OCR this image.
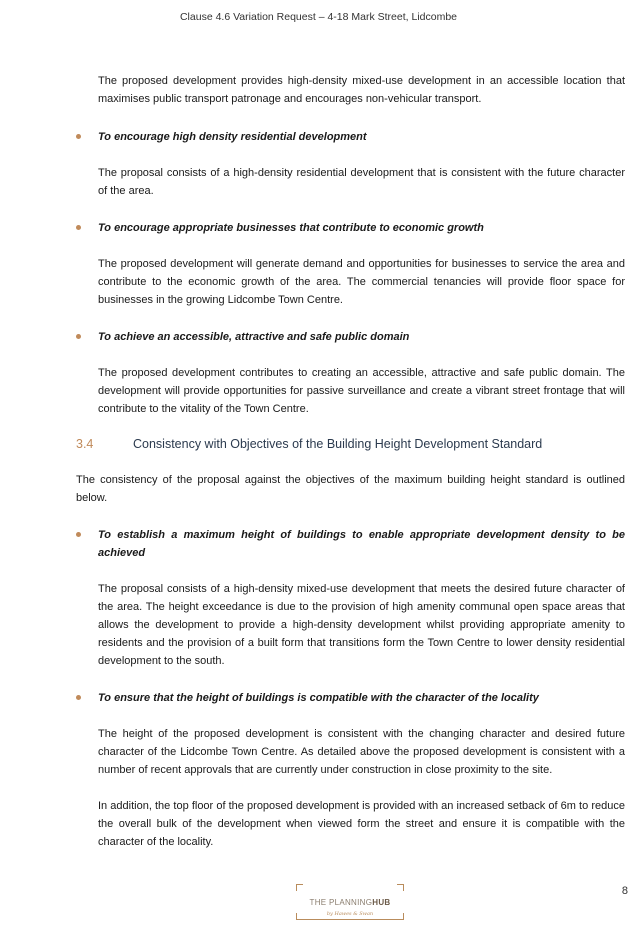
Clause 4.6 Variation Request – 4-18 Mark Street, Lidcombe

The proposed development provides high-density mixed-use development in an accessible location that maximises public transport patronage and encourages non-vehicular transport.

To encourage high density residential development

The proposal consists of a high-density residential development that is consistent with the future character of the area.

To encourage appropriate businesses that contribute to economic growth

The proposed development will generate demand and opportunities for businesses to service the area and contribute to the economic growth of the area. The commercial tenancies will provide floor space for businesses in the growing Lidcombe Town Centre.

To achieve an accessible, attractive and safe public domain

The proposed development contributes to creating an accessible, attractive and safe public domain. The development will provide opportunities for passive surveillance and create a vibrant street frontage that will contribute to the vitality of the Town Centre.

3.4	Consistency with Objectives of the Building Height Development Standard

The consistency of the proposal against the objectives of the maximum building height standard is outlined below.

To establish a maximum height of buildings to enable appropriate development density to be achieved

The proposal consists of a high-density mixed-use development that meets the desired future character of the area. The height exceedance is due to the provision of high amenity communal open space areas that allows the development to provide a high-density development whilst providing appropriate amenity to residents and the provision of a built form that transitions form the Town Centre to lower density residential development to the south.

To ensure that the height of buildings is compatible with the character of the locality

The height of the proposed development is consistent with the changing character and desired future character of the Lidcombe Town Centre. As detailed above the proposed development is consistent with a number of recent approvals that are currently under construction in close proximity to the site.

In addition, the top floor of the proposed development is provided with an increased setback of 6m to reduce the overall bulk of the development when viewed form the street and ensure it is compatible with the character of the locality.

THE PLANNINGHUB
by Hawes & Swan
8
